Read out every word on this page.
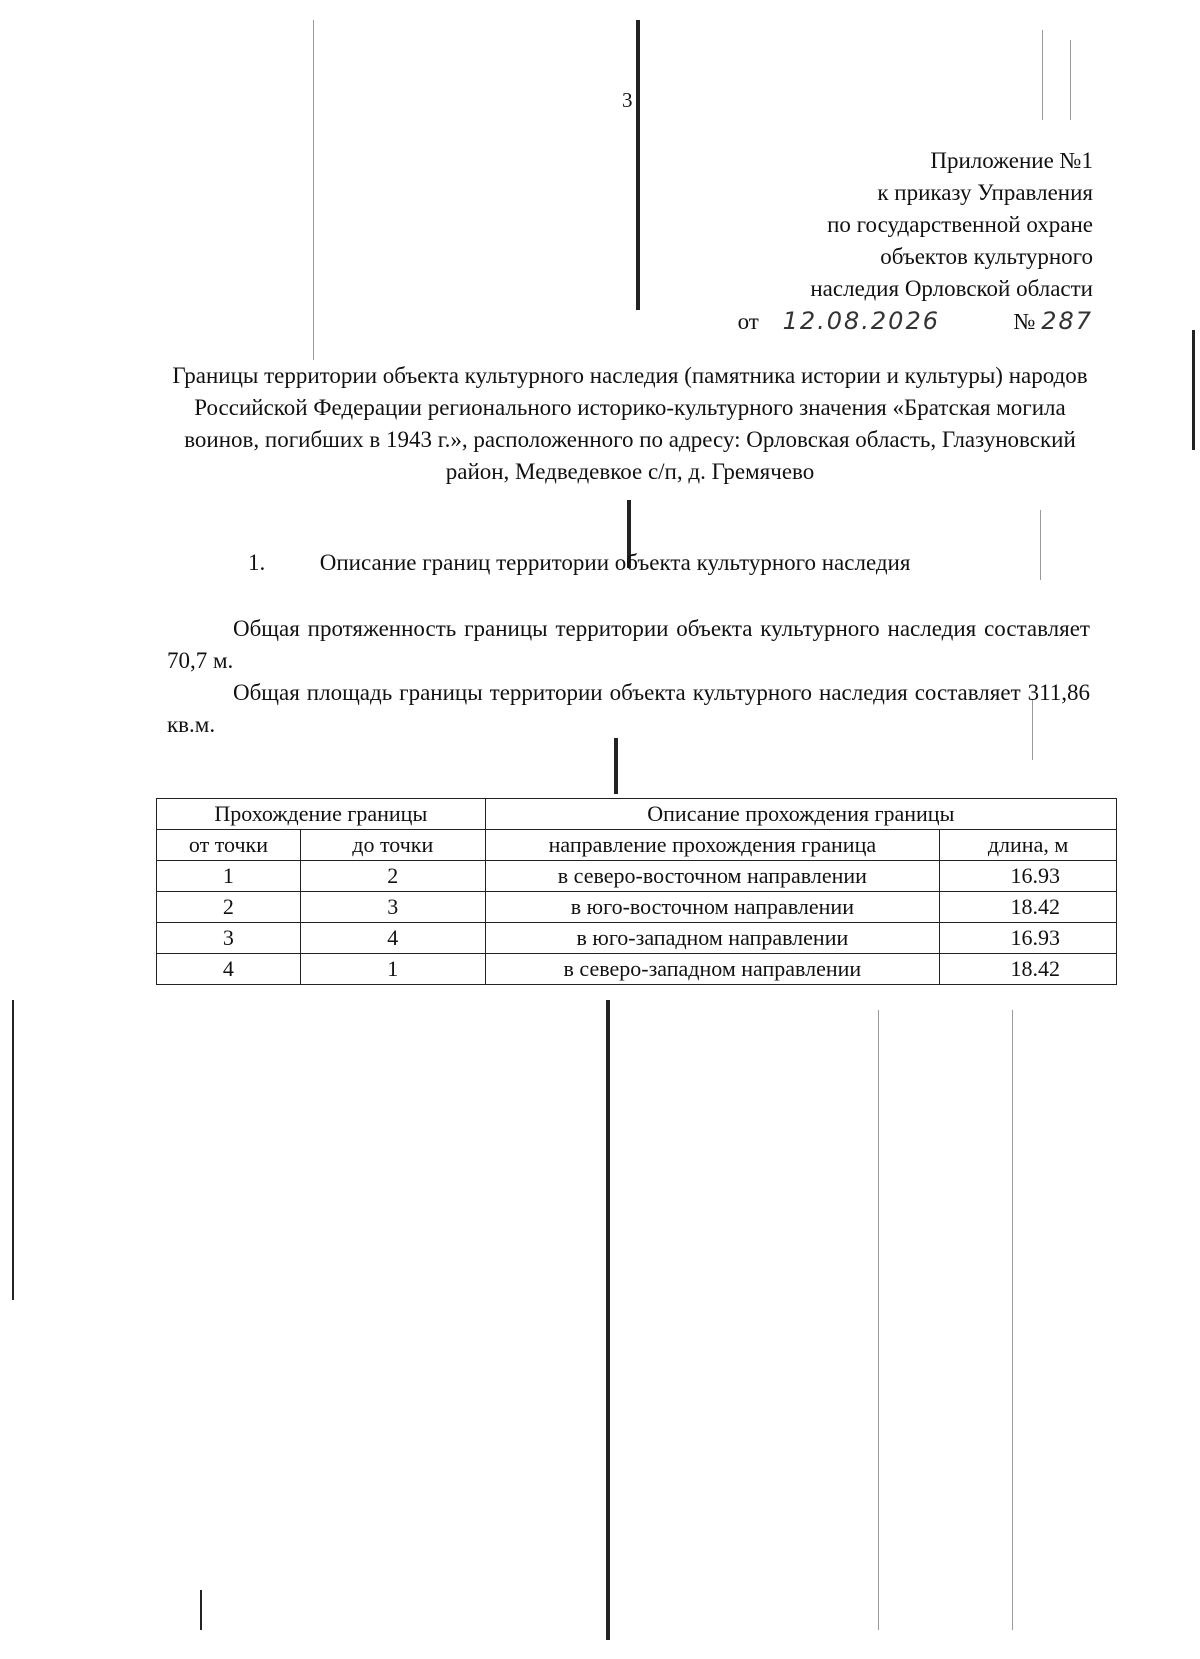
3
Приложение №1
к приказу Управления
по государственной охране
объектов культурного
наследия Орловской области
от 12.08.2026	№ 287
Границы территории объекта культурного наследия (памятника истории и культуры) народов Российской Федерации регионального историко-культурного значения «Братская могила воинов, погибших в 1943 г.», расположенного по адресу: Орловская область, Глазуновский район, Медведевкое с/п, д. Гремячево
1. Описание границ территории объекта культурного наследия
Общая протяженность границы территории объекта культурного наследия составляет 70,7 м.
Общая площадь границы территории объекта культурного наследия составляет 311,86 кв.м.
Прохождение границы		Описание прохождения границы	
от точки	до точки	направление прохождения граница	длина, м
1	2	в северо-восточном направлении	16.93
2	3	в юго-восточном направлении	18.42
3	4	в юго-западном направлении	16.93
4	1	в северо-западном направлении	18.42
